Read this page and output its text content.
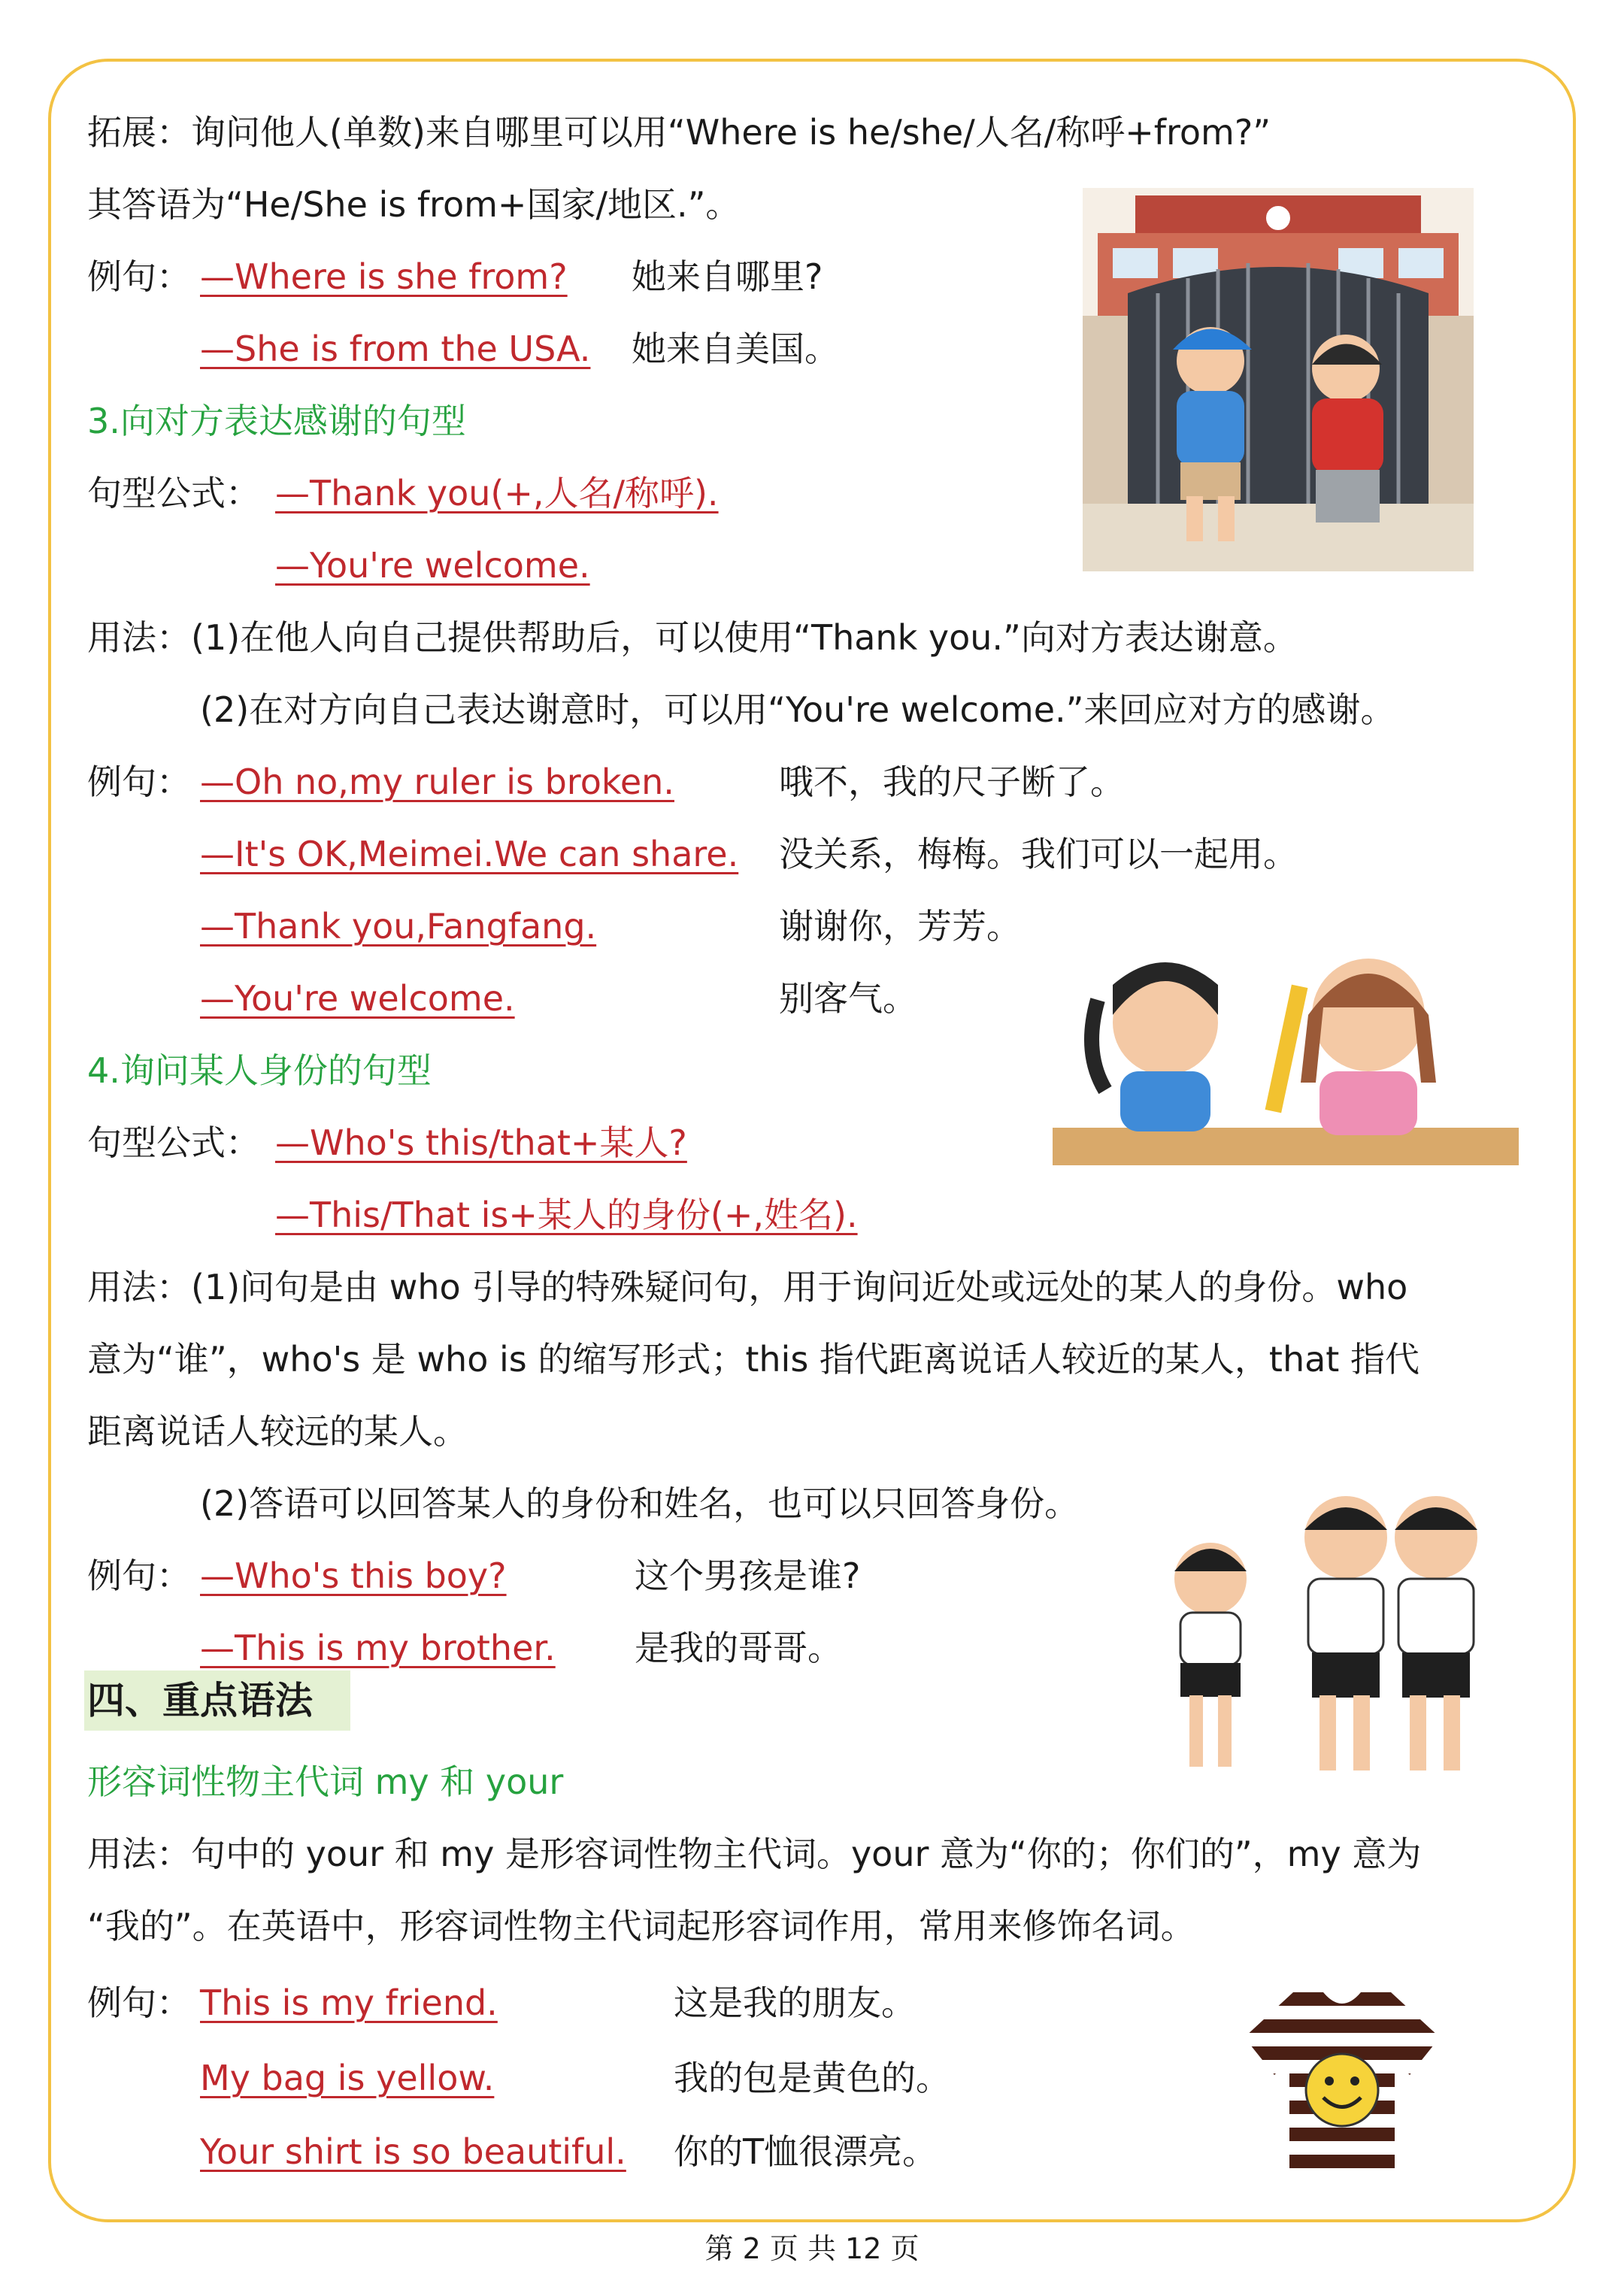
拓展：询问他人(单数)来自哪里可以用“Where is he/she/人名/称呼+from?”
其答语为“He/She is from+国家/地区.”。
例句： —Where is she from? 她来自哪里?
—She is from the USA. 她来自美国。
3.向对方表达感谢的句型
句型公式： —Thank you(+,人名/称呼).
—You're welcome.
用法：(1)在他人向自己提供帮助后，可以使用“Thank you.”向对方表达谢意。
(2)在对方向自己表达谢意时，可以用“You're welcome.”来回应对方的感谢。
例句： —Oh no,my ruler is broken.	哦不，我的尺子断了。
—It's OK,Meimei.We can share. 没关系，梅梅。我们可以一起用。
—Thank you,Fangfang.	谢谢你，芳芳。
—You're welcome.	别客气。
4.询问某人身份的句型
句型公式： —Who's this/that+某人?
—This/That is+某人的身份(+,姓名).
用法：(1)问句是由 who 引导的特殊疑问句，用于询问近处或远处的某人的身份。who
意为“谁”，who's 是 who is 的缩写形式；this 指代距离说话人较近的某人，that 指代
距离说话人较远的某人。
(2)答语可以回答某人的身份和姓名，也可以只回答身份。
例句： —Who's this boy?	这个男孩是谁?
—This is my brother. 是我的哥哥。
四、重点语法
形容词性物主代词 my 和 your
用法：句中的 your 和 my 是形容词性物主代词。your 意为“你的；你们的”，my 意为
“我的”。在英语中，形容词性物主代词起形容词作用，常用来修饰名词。
例句： This is my friend.	这是我的朋友。
My bag is yellow.	我的包是黄色的。
Your shirt is so beautiful. 你的T恤很漂亮。
第 2 页 共 12 页
